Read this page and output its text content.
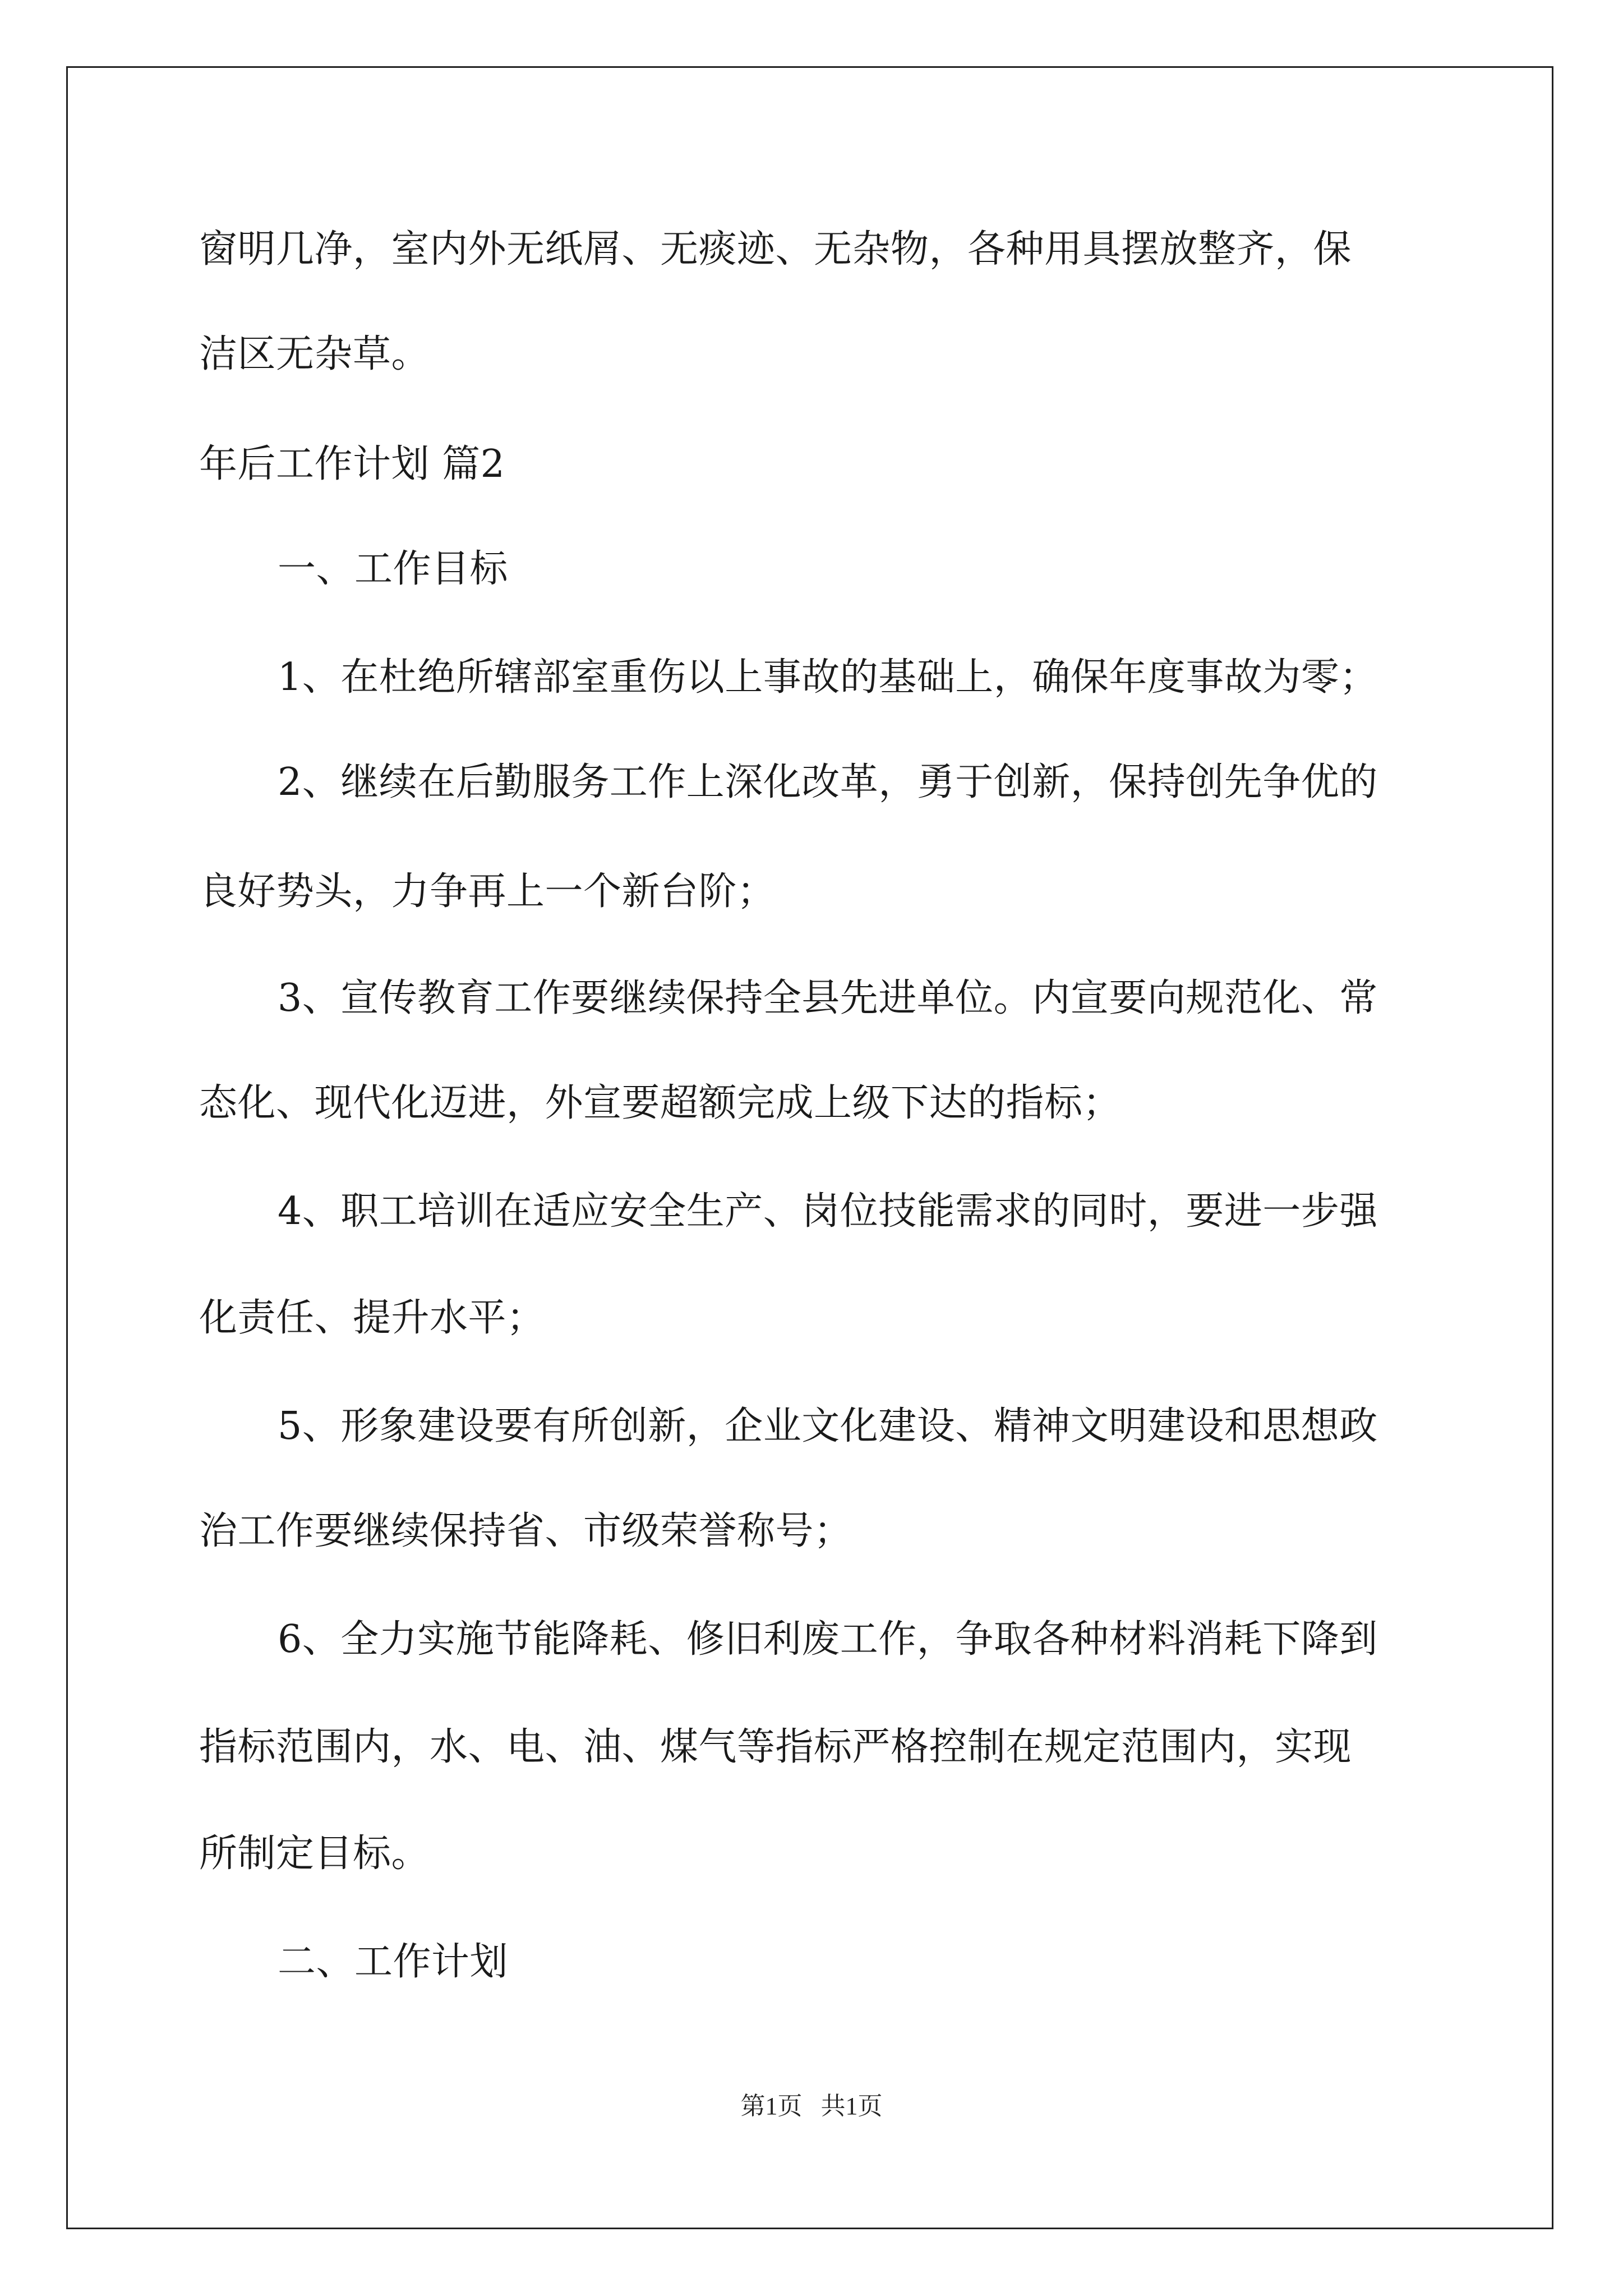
窗明几净，室内外无纸屑、无痰迹、无杂物，各种用具摆放整齐，保
洁区无杂草。
年后工作计划 篇2
一、工作目标
1、在杜绝所辖部室重伤以上事故的基础上，确保年度事故为零；
2、继续在后勤服务工作上深化改革，勇于创新，保持创先争优的
良好势头，力争再上一个新台阶；
3、宣传教育工作要继续保持全县先进单位。内宣要向规范化、常
态化、现代化迈进，外宣要超额完成上级下达的指标；
4、职工培训在适应安全生产、岗位技能需求的同时，要进一步强
化责任、提升水平；
5、形象建设要有所创新，企业文化建设、精神文明建设和思想政
治工作要继续保持省、市级荣誉称号；
6、全力实施节能降耗、修旧利废工作，争取各种材料消耗下降到
指标范围内，水、电、油、煤气等指标严格控制在规定范围内，实现
所制定目标。
二、工作计划
第1页   共1页
